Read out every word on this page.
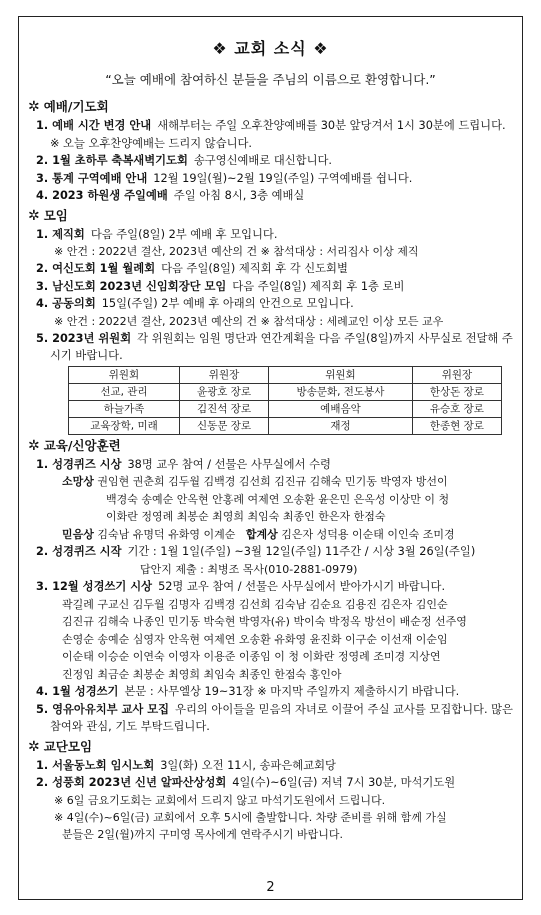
❖ 교회 소식 ❖
“오늘 예배에 참여하신 분들을 주님의 이름으로 환영합니다.”
✲ 예배/기도회
1. 예배 시간 변경 안내 새해부터는 주일 오후찬양예배를 30분 앞당겨서 1시 30분에 드립니다. ※ 오늘 오후찬양예배는 드리지 않습니다.
2. 1월 초하루 축복새벽기도회 송구영신예배로 대신합니다.
3. 통계 구역예배 안내 12월 19일(월)~2월 19일(주일) 구역예배를 쉽니다.
4. 2023 하원생 주일예배 주일 아침 8시, 3층 예배실
✲ 모임
1. 제직회 다음 주일(8일) 2부 예배 후 모입니다.
※ 안건 : 2022년 결산, 2023년 예산의 건 ※ 참석대상 : 서리집사 이상 제직
2. 여신도회 1월 월례회 다음 주일(8일) 제직회 후 각 신도회별
3. 남신도회 2023년 신임회장단 모임 다음 주일(8일) 제직회 후 1층 로비
4. 공동의회 15일(주일) 2부 예배 후 아래의 안건으로 모입니다.
※ 안건 : 2022년 결산, 2023년 예산의 건 ※ 참석대상 : 세례교인 이상 모든 교우
5. 2023년 위원회 각 위원회는 임원 명단과 연간계획을 다음 주일(8일)까지 사무실로 전달해 주시기 바랍니다.
위원회	위원장	위원회	위원장
선교, 관리	윤광호 장로	방송문화, 전도봉사	한상돈 장로
하늘가족	김진석 장로	예배음악	유승호 장로
교육장학, 미래	신동문 장로	재정	한종현 장로
✲ 교육/신앙훈련
1. 성경퀴즈 시상 38명 교우 참여 / 선물은 사무실에서 수령
소망상 권임현 권춘희 김두월 김백경 김선희 김진규 김해숙 민기동 박영자 방선이
백경숙 송예순 안옥현 안홍례 여제연 오송환 윤은민 은옥성 이상만 이 청
이화란 정영례 최봉순 최영희 최임숙 최종인 한은자 한점숙
믿음상 김숙남 유명덕 유화영 이계순 합계상 김은자 성덕용 이순태 이인숙 조미경
2. 성경퀴즈 시작 기간 : 1월 1일(주일) ~3월 12일(주일) 11주간 / 시상 3월 26일(주일)
답안지 제출 : 최병조 목사(010-2881-0979)
3. 12월 성경쓰기 시상 52명 교우 참여 / 선물은 사무실에서 받아가시기 바랍니다.
곽길례 구교신 김두월 김명자 김백경 김선희 김숙남 김순요 김용진 김은자 김인순
김진규 김해숙 나종인 민기동 박숙현 박영자(유) 박이숙 박정옥 방선이 배순정 선주영
손영순 송예순 심영자 안옥현 여제연 오송환 유화영 윤진화 이구순 이선재 이순임
이순태 이승순 이연숙 이영자 이용준 이종임 이 청 이화란 정영례 조미경 지상연
진정임 최금순 최봉순 최영희 최임숙 최종인 한점숙 홍인아
4. 1월 성경쓰기 본문 : 사무엘상 19~31장 ※ 마지막 주일까지 제출하시기 바랍니다.
5. 영유아유치부 교사 모집 우리의 아이들을 믿음의 자녀로 이끌어 주실 교사를 모집합니다. 많은 참여와 관심, 기도 부탁드립니다.
✲ 교단모임
1. 서울동노회 임시노회 3일(화) 오전 11시, 송파은혜교회당
2. 성풍회 2023년 신년 알파산상성회 4일(수)~6일(금) 저녁 7시 30분, 마석기도원
※ 6일 금요기도회는 교회에서 드리지 않고 마석기도원에서 드립니다.
※ 4일(수)~6일(금) 교회에서 오후 5시에 출발합니다. 차량 준비를 위해 함께 가실
분들은 2일(월)까지 구미영 목사에게 연락주시기 바랍니다.
2
